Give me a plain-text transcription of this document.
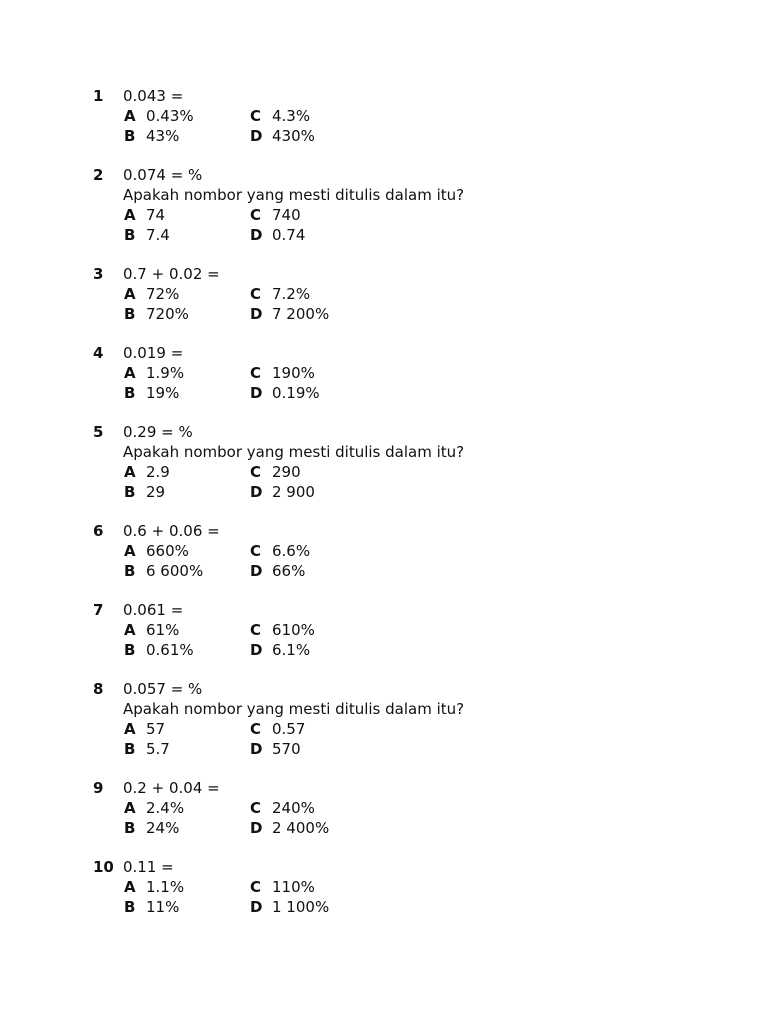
1 0.043 =
A 0.43%	C 4.3%
B 43%	D 430%
2 0.074 = %
Apakah nombor yang mesti ditulis dalam itu?
A 74	C 740
B 7.4	D 0.74
3 0.7 + 0.02 =
A 72%	C 7.2%
B 720%	D 7 200%
4 0.019 =
A 1.9%	C 190%
B 19%	D 0.19%
5 0.29 = %
Apakah nombor yang mesti ditulis dalam itu?
A 2.9	C 290
B 29	D 2 900
6 0.6 + 0.06 =
A 660%	C 6.6%
B 6 600%	D 66%
7 0.061 =
A 61%	C 610%
B 0.61%	D 6.1%
8 0.057 = %
Apakah nombor yang mesti ditulis dalam itu?
A 57	C 0.57
B 5.7	D 570
9 0.2 + 0.04 =
A 2.4%	C 240%
B 24%	D 2 400%
10 0.11 =
A 1.1%	C 110%
B 11%	D 1 100%
